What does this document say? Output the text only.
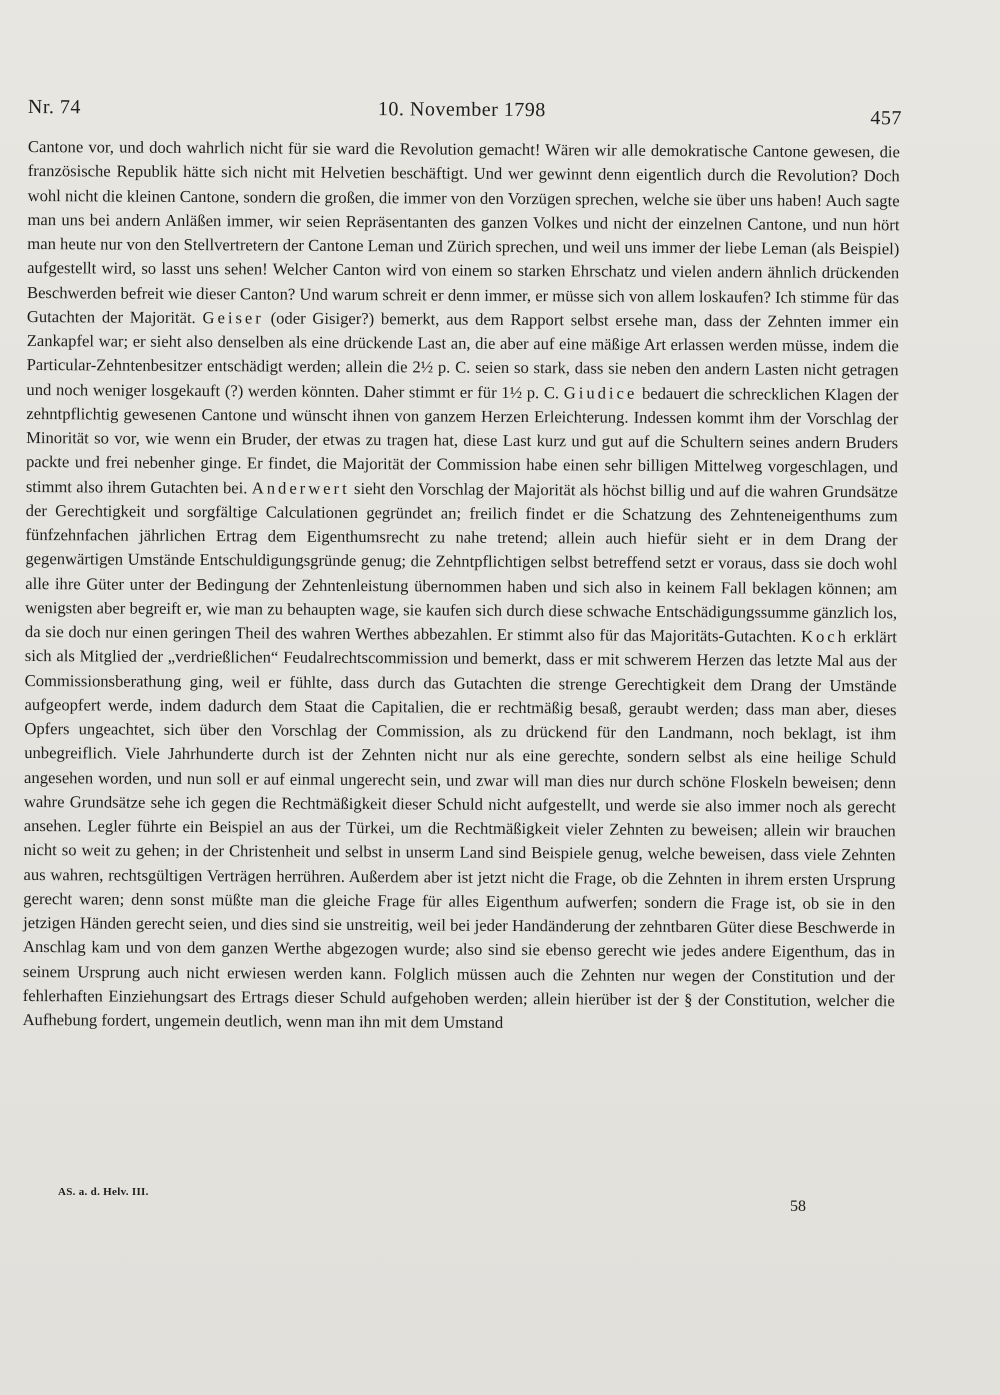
Nr. 74	10. November 1798	457

Cantone vor, und doch wahrlich nicht für sie ward die Revolution gemacht! Wären wir alle demokratische Cantone gewesen, die französische Republik hätte sich nicht mit Helvetien beschäftigt. Und wer gewinnt denn eigentlich durch die Revolution? Doch wohl nicht die kleinen Cantone, sondern die großen, die immer von den Vorzügen sprechen, welche sie über uns haben! Auch sagte man uns bei andern Anläßen immer, wir seien Repräsentanten des ganzen Volkes und nicht der einzelnen Cantone, und nun hört man heute nur von den Stellvertretern der Cantone Leman und Zürich sprechen, und weil uns immer der liebe Leman (als Beispiel) aufgestellt wird, so lasst uns sehen! Welcher Canton wird von einem so starken Ehrschatz und vielen andern ähnlich drückenden Beschwerden befreit wie dieser Canton? Und warum schreit er denn immer, er müsse sich von allem loskaufen? Ich stimme für das Gutachten der Majorität. Geiser (oder Gisiger?) bemerkt, aus dem Rapport selbst ersehe man, dass der Zehnten immer ein Zankapfel war; er sieht also denselben als eine drückende Last an, die aber auf eine mäßige Art erlassen werden müsse, indem die Particular-Zehntenbesitzer entschädigt werden; allein die 2½ p. C. seien so stark, dass sie neben den andern Lasten nicht getragen und noch weniger losgekauft (?) werden könnten. Daher stimmt er für 1½ p. C. Giudice bedauert die schrecklichen Klagen der zehntpflichtig gewesenen Cantone und wünscht ihnen von ganzem Herzen Erleichterung. Indessen kommt ihm der Vorschlag der Minorität so vor, wie wenn ein Bruder, der etwas zu tragen hat, diese Last kurz und gut auf die Schultern seines andern Bruders packte und frei nebenher ginge. Er findet, die Majorität der Commission habe einen sehr billigen Mittelweg vorgeschlagen, und stimmt also ihrem Gutachten bei. Anderwert sieht den Vorschlag der Majorität als höchst billig und auf die wahren Grundsätze der Gerechtigkeit und sorgfältige Calculationen gegründet an; freilich findet er die Schatzung des Zehnteneigenthums zum fünfzehnfachen jährlichen Ertrag dem Eigenthumsrecht zu nahe tretend; allein auch hiefür sieht er in dem Drang der gegenwärtigen Umstände Entschuldigungsgründe genug; die Zehntpflichtigen selbst betreffend setzt er voraus, dass sie doch wohl alle ihre Güter unter der Bedingung der Zehntenleistung übernommen haben und sich also in keinem Fall beklagen können; am wenigsten aber begreift er, wie man zu behaupten wage, sie kaufen sich durch diese schwache Entschädigungssumme gänzlich los, da sie doch nur einen geringen Theil des wahren Werthes abbezahlen. Er stimmt also für das Majoritäts-Gutachten. Koch erklärt sich als Mitglied der „verdrießlichen“ Feudalrechtscommission und bemerkt, dass er mit schwerem Herzen das letzte Mal aus der Commissionsberathung ging, weil er fühlte, dass durch das Gutachten die strenge Gerechtigkeit dem Drang der Umstände aufgeopfert werde, indem dadurch dem Staat die Capitalien, die er rechtmäßig besaß, geraubt werden; dass man aber, dieses Opfers ungeachtet, sich über den Vorschlag der Commission, als zu drückend für den Landmann, noch beklagt, ist ihm unbegreiflich. Viele Jahrhunderte durch ist der Zehnten nicht nur als eine gerechte, sondern selbst als eine heilige Schuld angesehen worden, und nun soll er auf einmal ungerecht sein, und zwar will man dies nur durch schöne Floskeln beweisen; denn wahre Grundsätze sehe ich gegen die Rechtmäßigkeit dieser Schuld nicht aufgestellt, und werde sie also immer noch als gerecht ansehen. Legler führte ein Beispiel an aus der Türkei, um die Rechtmäßigkeit vieler Zehnten zu beweisen; allein wir brauchen nicht so weit zu gehen; in der Christenheit und selbst in unserm Land sind Beispiele genug, welche beweisen, dass viele Zehnten aus wahren, rechtsgültigen Verträgen herrühren. Außerdem aber ist jetzt nicht die Frage, ob die Zehnten in ihrem ersten Ursprung gerecht waren; denn sonst müßte man die gleiche Frage für alles Eigenthum aufwerfen; sondern die Frage ist, ob sie in den jetzigen Händen gerecht seien, und dies sind sie unstreitig, weil bei jeder Handänderung der zehntbaren Güter diese Beschwerde in Anschlag kam und von dem ganzen Werthe abgezogen wurde; also sind sie ebenso gerecht wie jedes andere Eigenthum, das in seinem Ursprung auch nicht erwiesen werden kann. Folglich müssen auch die Zehnten nur wegen der Constitution und der fehlerhaften Einziehungsart des Ertrags dieser Schuld aufgehoben werden; allein hierüber ist der § der Constitution, welcher die Aufhebung fordert, ungemein deutlich, wenn man ihn mit dem Umstand

AS. a. d. Helv. III.
58
